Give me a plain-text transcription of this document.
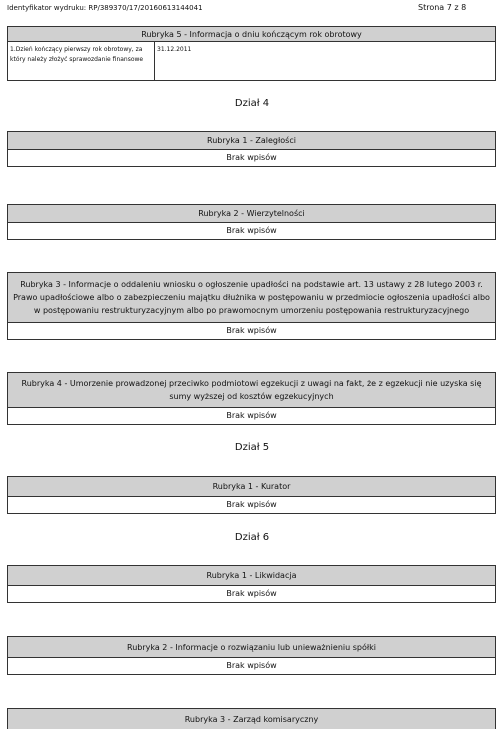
Identyfikator wydruku: RP/389370/17/20160613144041	Strona 7 z 8
Rubryka 5 - Informacja o dniu kończącym rok obrotowy
1.Dzień kończący pierwszy rok obrotowy, za który należy złożyć sprawozdanie finansowe
31.12.2011
Dział 4
Rubryka 1 - Zaległości
Brak wpisów
Rubryka 2 - Wierzytelności
Brak wpisów
Rubryka 3 - Informacje o oddaleniu wniosku o ogłoszenie upadłości na podstawie art. 13 ustawy z 28 lutego 2003 r. Prawo upadłościowe albo o zabezpieczeniu majątku dłużnika w postępowaniu w przedmiocie ogłoszenia upadłości albo w postępowaniu restrukturyzacyjnym albo po prawomocnym umorzeniu postępowania restrukturyzacyjnego
Brak wpisów
Rubryka 4 - Umorzenie prowadzonej przeciwko podmiotowi egzekucji z uwagi na fakt, że z egzekucji nie uzyska się sumy wyższej od kosztów egzekucyjnych
Brak wpisów
Dział 5
Rubryka 1 - Kurator
Brak wpisów
Dział 6
Rubryka 1 - Likwidacja
Brak wpisów
Rubryka 2 - Informacje o rozwiązaniu lub unieważnieniu spółki
Brak wpisów
Rubryka 3 - Zarząd komisaryczny
